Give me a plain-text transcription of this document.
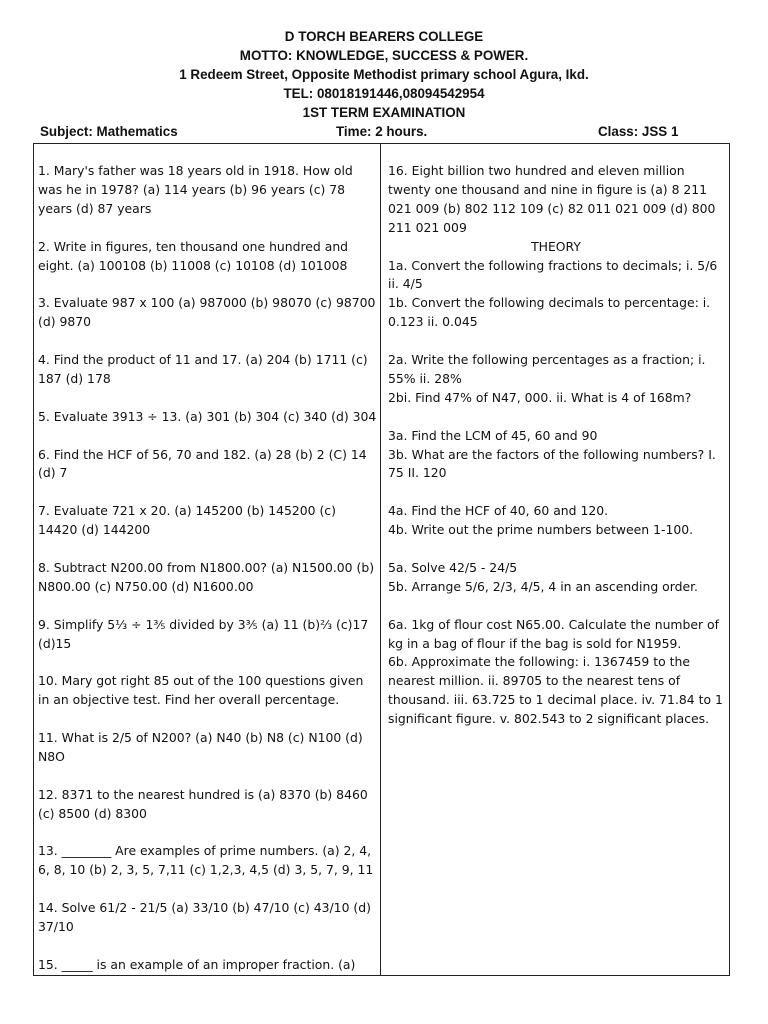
D TORCH BEARERS COLLEGE
MOTTO: KNOWLEDGE, SUCCESS & POWER.
1 Redeem Street, Opposite Methodist primary school Agura, Ikd.
TEL: 08018191446,08094542954
1ST TERM EXAMINATION
Subject: Mathematics	Time: 2 hours.	Class: JSS 1

1. Mary's father was 18 years old in 1918. How old was he in 1978? (a) 114 years (b) 96 years (c) 78 years (d) 87 years

2. Write in figures, ten thousand one hundred and eight. (a) 100108 (b) 11008 (c) 10108 (d) 101008

3. Evaluate 987 x 100 (a) 987000 (b) 98070 (c) 98700 (d) 9870

4. Find the product of 11 and 17. (a) 204 (b) 1711 (c) 187 (d) 178

5. Evaluate 3913 ÷ 13. (a) 301 (b) 304 (c) 340 (d) 304

6. Find the HCF of 56, 70 and 182. (a) 28 (b) 2 (C) 14 (d) 7

7. Evaluate 721 x 20. (a) 145200 (b) 145200 (c) 14420 (d) 144200

8. Subtract N200.00 from N1800.00? (a) N1500.00 (b) N800.00 (c) N750.00 (d) N1600.00

9. Simplify 5⅓ ÷ 1⅗ divided by 3⅗ (a) 11 (b)⅔ (c)17 (d)15

10. Mary got right 85 out of the 100 questions given in an objective test. Find her overall percentage.

11. What is 2/5 of N200? (a) N40 (b) N8 (c) N100 (d) N8O

12. 8371 to the nearest hundred is (a) 8370 (b) 8460 (c) 8500 (d) 8300

13. ________ Are examples of prime numbers. (a) 2, 4, 6, 8, 10 (b) 2, 3, 5, 7,11 (c) 1,2,3, 4,5 (d) 3, 5, 7, 9, 11

14. Solve 61/2 - 21/5 (a) 33/10 (b) 47/10 (c) 43/10 (d) 37/10

15. _____ is an example of an improper fraction. (a)

16. Eight billion two hundred and eleven million twenty one thousand and nine in figure is (a) 8 211 021 009 (b) 802 112 109 (c) 82 011 021 009 (d) 800 211 021 009

THEORY

1a. Convert the following fractions to decimals; i. 5/6 ii. 4/5

1b. Convert the following decimals to percentage: i. 0.123 ii. 0.045

2a. Write the following percentages as a fraction; i. 55% ii. 28%

2bi. Find 47% of N47, 000. ii. What is 4 of 168m?

3a. Find the LCM of 45, 60 and 90

3b. What are the factors of the following numbers? I. 75 II. 120

4a. Find the HCF of 40, 60 and 120.

4b. Write out the prime numbers between 1-100.

5a. Solve 42/5 - 24/5

5b. Arrange 5/6, 2/3, 4/5, 4 in an ascending order.

6a. 1kg of flour cost N65.00. Calculate the number of kg in a bag of flour if the bag is sold for N1959.

6b. Approximate the following: i. 1367459 to the nearest million. ii. 89705 to the nearest tens of thousand. iii. 63.725 to 1 decimal place. iv. 71.84 to 1 significant figure. v. 802.543 to 2 significant places.
